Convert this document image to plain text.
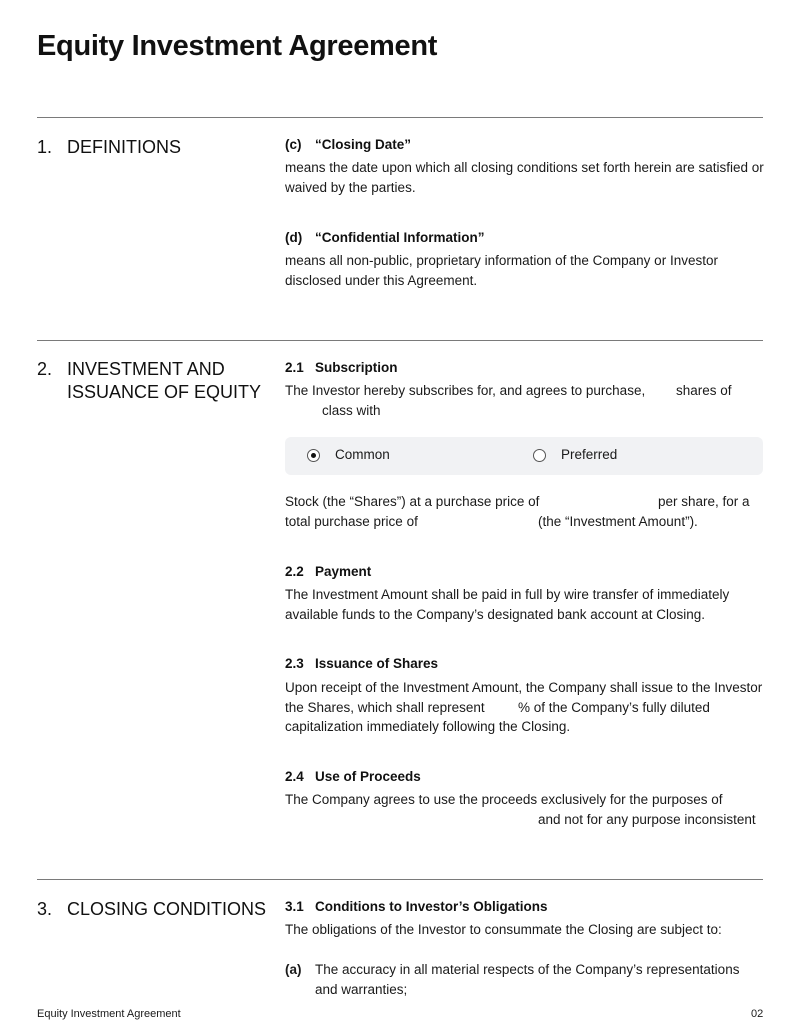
Equity Investment Agreement
1. DEFINITIONS	(c) “Closing Date”

means the date upon which all closing conditions set forth herein are satisfied or waived by the parties.

(d) “Confidential Information”

means all non-public, proprietary information of the Company or Investor disclosed under this Agreement.

2. INVESTMENT AND ISSUANCE OF EQUITY
2.1 Subscription
The Investor hereby subscribes for, and agrees to purchase, shares of
class with
Common	Preferred
Stock (the “Shares”) at a purchase price of	per share, for a
total purchase price of	(the “Investment Amount”).
2.2 Payment

The Investment Amount shall be paid in full by wire transfer of immediately available funds to the Company’s designated bank account at Closing.

2.3 Issuance of Shares
Upon receipt of the Investment Amount, the Company shall issue to the Investor
the Shares, which shall represent % of the Company’s fully diluted
capitalization immediately following the Closing.
2.4 Use of Proceeds
The Company agrees to use the proceeds exclusively for the purposes of
and not for any purpose inconsistent
3. CLOSING CONDITIONS	3.1 Conditions to Investor’s Obligations
The obligations of the Investor to consummate the Closing are subject to:
(a) The accuracy in all material respects of the Company’s representations and warranties;

Equity Investment Agreement	02
